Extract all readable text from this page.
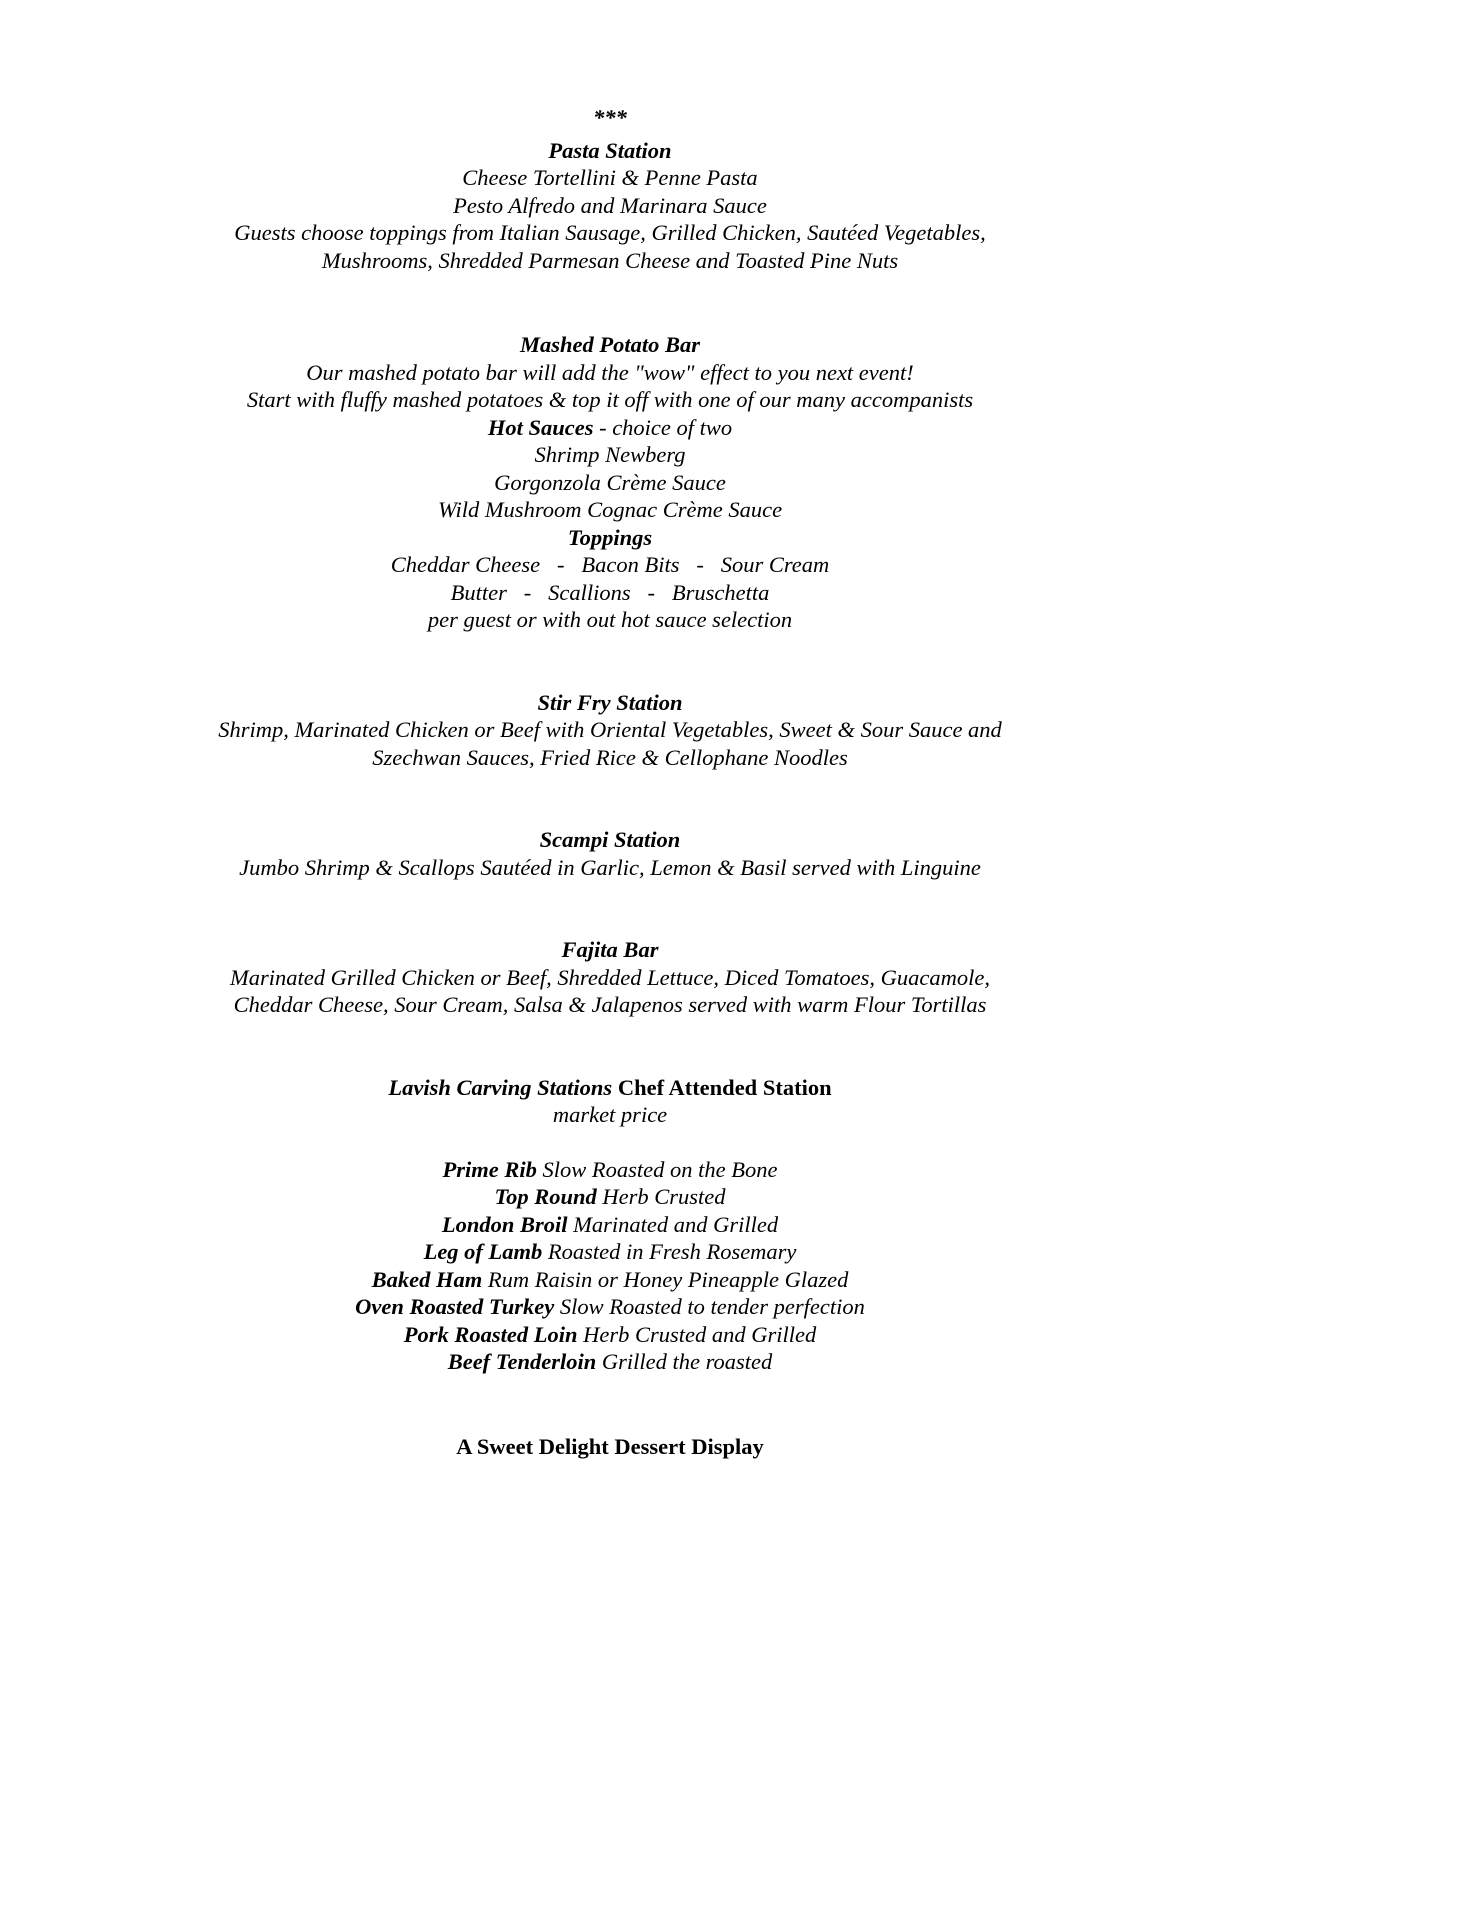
***

Pasta Station

Cheese Tortellini & Penne Pasta

Pesto Alfredo and Marinara Sauce

Guests choose toppings from Italian Sausage, Grilled Chicken, Sautéed Vegetables,

Mushrooms, Shredded Parmesan Cheese and Toasted Pine Nuts

Mashed Potato Bar

Our mashed potato bar will add the "wow" effect to you next event!

Start with fluffy mashed potatoes & top it off with one of our many accompanists

Hot Sauces - choice of two

Shrimp Newberg

Gorgonzola Crème Sauce

Wild Mushroom Cognac Crème Sauce

Toppings

Cheddar Cheese   -   Bacon Bits   -   Sour Cream

Butter   -   Scallions   -   Bruschetta

per guest or with out hot sauce selection

Stir Fry Station

Shrimp, Marinated Chicken or Beef with Oriental Vegetables, Sweet & Sour Sauce and

Szechwan Sauces, Fried Rice & Cellophane Noodles

Scampi Station

Jumbo Shrimp & Scallops Sautéed in Garlic, Lemon & Basil served with Linguine

Fajita Bar

Marinated Grilled Chicken or Beef, Shredded Lettuce, Diced Tomatoes, Guacamole,

Cheddar Cheese, Sour Cream, Salsa & Jalapenos served with warm Flour Tortillas

Lavish Carving Stations Chef Attended Station

market price

Prime Rib Slow Roasted on the Bone

Top Round Herb Crusted

London Broil Marinated and Grilled

Leg of Lamb Roasted in Fresh Rosemary

Baked Ham Rum Raisin or Honey Pineapple Glazed

Oven Roasted Turkey Slow Roasted to tender perfection

Pork Roasted Loin Herb Crusted and Grilled

Beef Tenderloin Grilled the roasted

A Sweet Delight Dessert Display
